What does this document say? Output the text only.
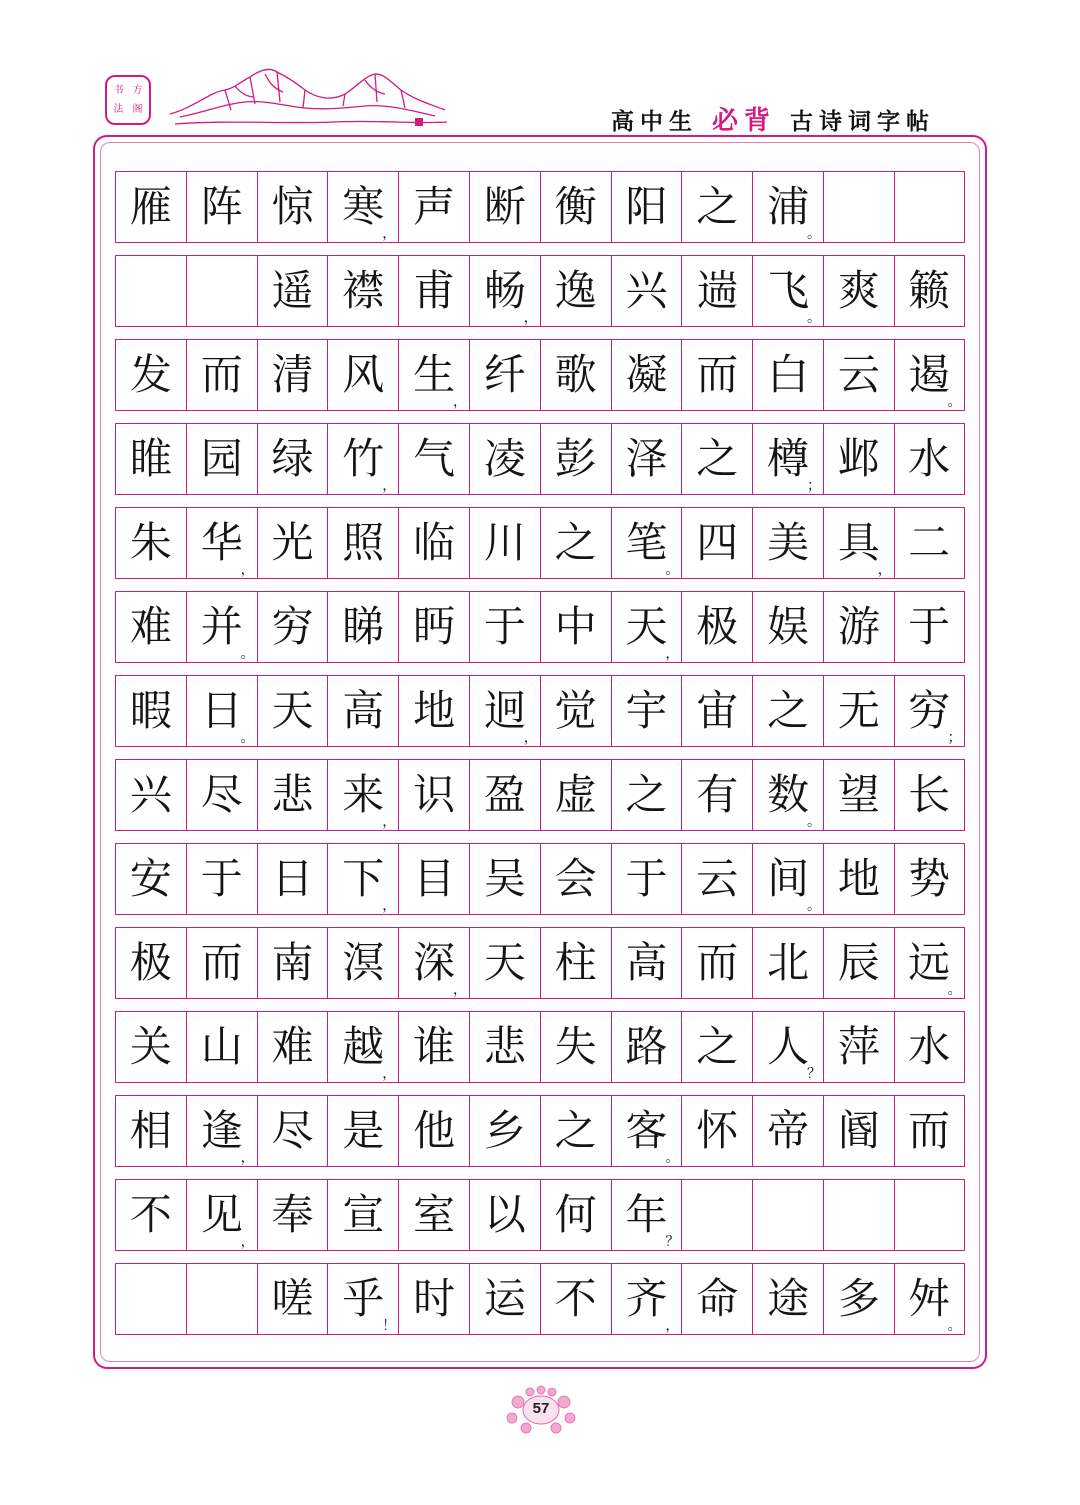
书 方
法 阁	高中生 必背 古诗词字帖
雁 阵 惊 寒
，
声 断 衡 阳 之 浦
。
遥 襟 甫 畅
，
逸 兴 遄 飞
。
爽 籁
发 而 清 风 生
，
纤 歌 凝 而 白 云 遏
。
睢 园 绿 竹
，
气 凌 彭 泽 之 樽
；
邺 水
朱 华
，
光 照 临 川 之 笔
。
四 美 具
，
二
难 并
。
穷 睇 眄 于 中 天
，
极 娱 游 于
暇 日
。
天 高 地 迥
，
觉 宇 宙 之 无 穷
；
兴 尽 悲 来
，
识 盈 虚 之 有 数
。
望 长
安 于 日 下
，
目 吴 会 于 云 间
。
地 势
极 而 南 溟 深
，
天 柱 高 而 北 辰 远
。
关 山 难 越
，
谁 悲 失 路 之 人
？
萍 水
相 逢
，
尽 是 他 乡 之 客
。
怀 帝 阍 而
不 见
，
奉 宣 室 以 何 年
？
嗟 乎
！
时 运 不 齐
，
命 途 多 舛
。
57
